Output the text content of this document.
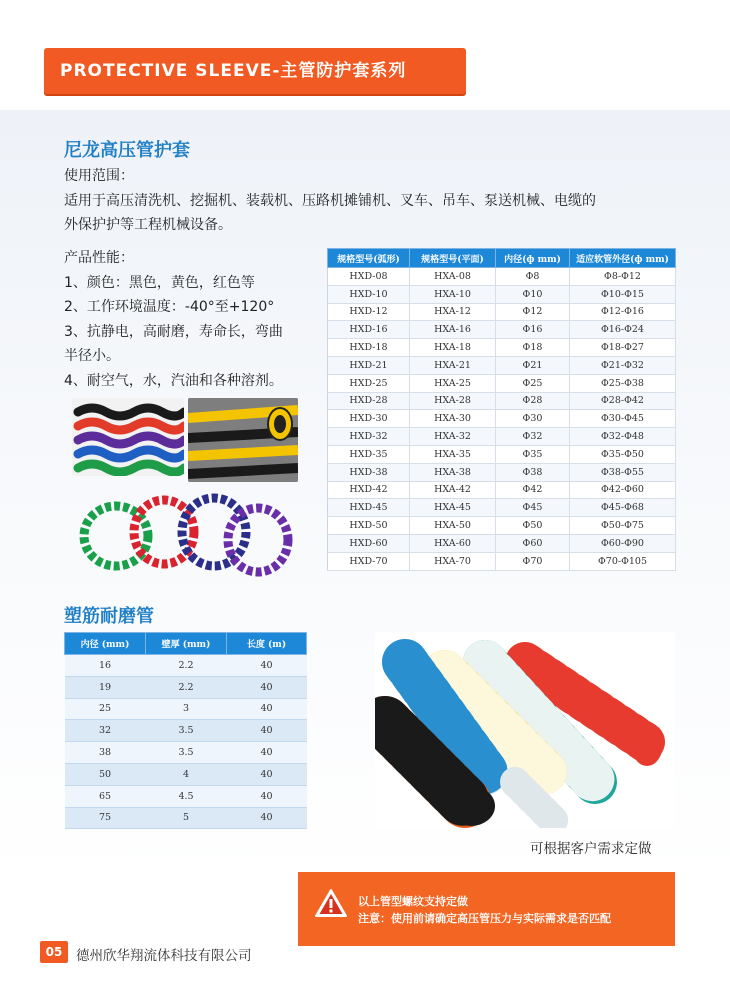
PROTECTIVE SLEEVE-主管防护套系列
尼龙高压管护套
使用范围：
适用于高压清洗机、挖掘机、装载机、压路机摊铺机、叉车、吊车、泵送机械、电缆的
外保护护等工程机械设备。
产品性能：
1、颜色：黑色，黄色，红色等
2、工作环境温度：-40°至+120°
3、抗静电，高耐磨，寿命长，弯曲
半径小。
4、耐空气，水，汽油和各种溶剂。
规格型号(弧形)	规格型号(平面)	内径(ф mm)	适应软管外径(ф mm)
HXD-08	HXA-08	Φ8	Φ8-Φ12
HXD-10	HXA-10	Φ10	Φ10-Φ15
HXD-12	HXA-12	Φ12	Φ12-Φ16
HXD-16	HXA-16	Φ16	Φ16-Φ24
HXD-18	HXA-18	Φ18	Φ18-Φ27
HXD-21	HXA-21	Φ21	Φ21-Φ32
HXD-25	HXA-25	Φ25	Φ25-Φ38
HXD-28	HXA-28	Φ28	Φ28-Φ42
HXD-30	HXA-30	Φ30	Φ30-Φ45
HXD-32	HXA-32	Φ32	Φ32-Φ48
HXD-35	HXA-35	Φ35	Φ35-Φ50
HXD-38	HXA-38	Φ38	Φ38-Φ55
HXD-42	HXA-42	Φ42	Φ42-Φ60
HXD-45	HXA-45	Φ45	Φ45-Φ68
HXD-50	HXA-50	Φ50	Φ50-Φ75
HXD-60	HXA-60	Φ60	Φ60-Φ90
HXD-70	HXA-70	Φ70	Φ70-Φ105
塑筋耐磨管
内径 (mm)	壁厚 (mm)	长度 (m)
16	2.2	40
19	2.2	40
25	3	40
32	3.5	40
38	3.5	40
50	4	40
65	4.5	40
75	5	40
可根据客户需求定做
以上管型螺纹支持定做
注意：使用前请确定高压管压力与实际需求是否匹配
05	德州欣华翔流体科技有限公司
